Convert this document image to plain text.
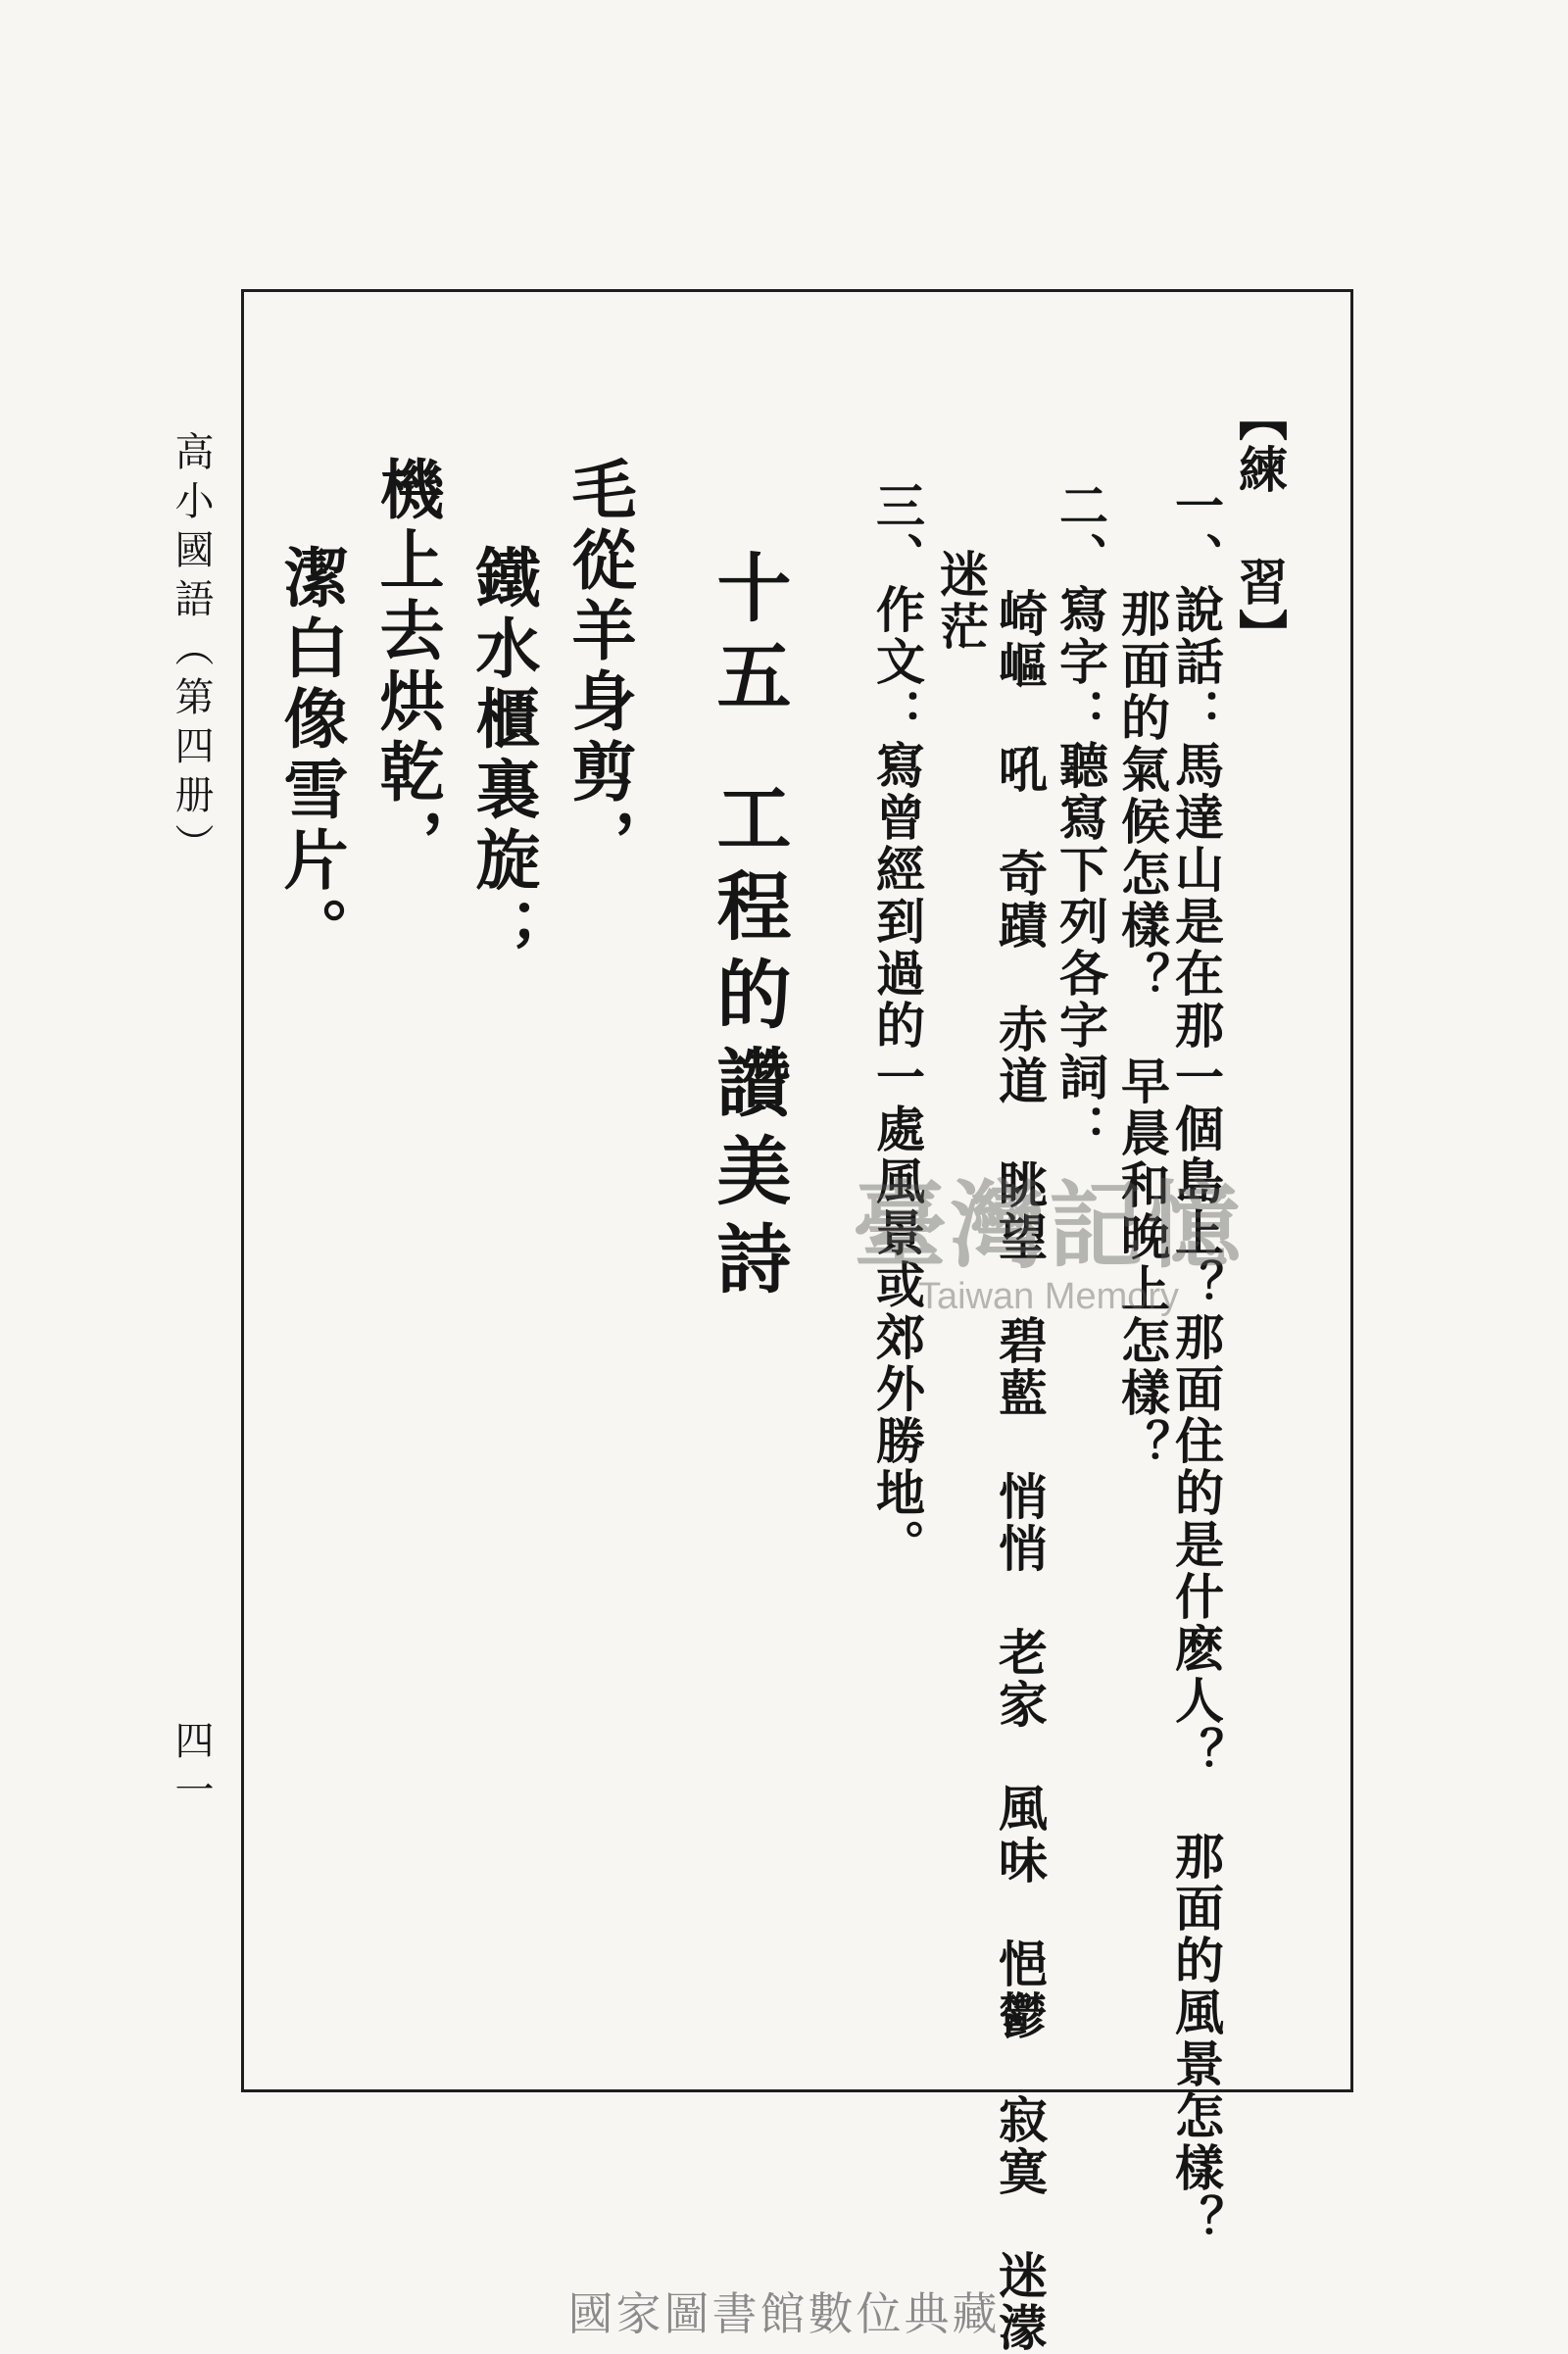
【練 習】
一、說話：馬達山是在那一個島上？那面住的是什麽人？　那面的風景怎樣？
那面的氣候怎樣？　早晨和晚上怎樣？
二、寫字：聽寫下列各字詞：
崎嶇　吼　奇蹟　赤道　眺望　碧藍　悄悄　老家　風味　悒鬱　寂寞　迷濛
迷茫
三、作文：寫曾經到過的一處風景或郊外勝地。
十五工程的讚美詩
毛從羊身剪，
鐵水櫃裏旋；
機上去烘乾，
潔白像雪片。
高小國語（第四册）
四一
臺灣記憶
Taiwan Memory
國家圖書館數位典藏
